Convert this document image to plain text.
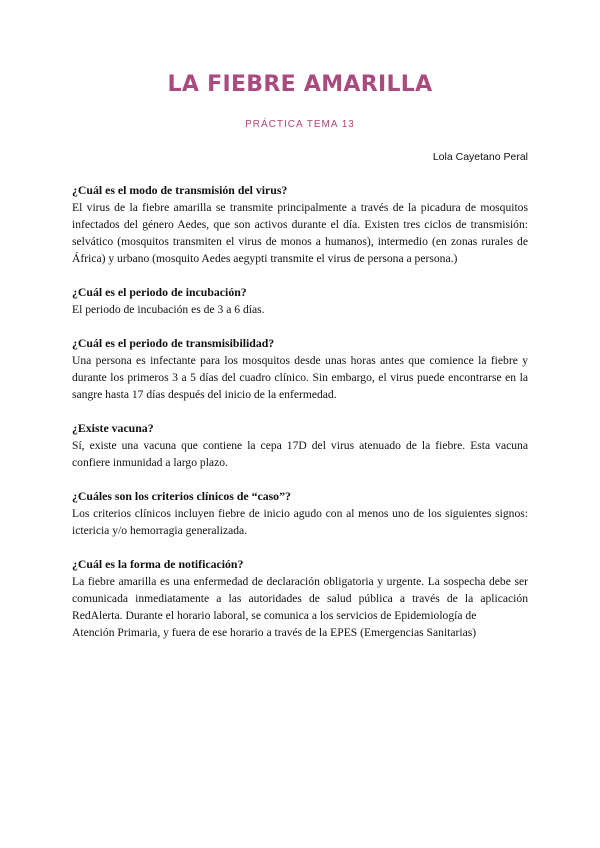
LA FIEBRE AMARILLA
PRÁCTICA TEMA 13
Lola Cayetano Peral

¿Cuál es el modo de transmisión del virus?

El virus de la fiebre amarilla se transmite principalmente a través de la picadura de mosquitos infectados del género Aedes, que son activos durante el día. Existen tres ciclos de transmisión: selvático (mosquitos transmiten el virus de monos a humanos), intermedio (en zonas rurales de África) y urbano (mosquito Aedes aegypti transmite el virus de persona a persona.)

¿Cuál es el periodo de incubación?

El periodo de incubación es de 3 a 6 días.

¿Cuál es el periodo de transmisibilidad?

Una persona es infectante para los mosquitos desde unas horas antes que comience la fiebre y durante los primeros 3 a 5 días del cuadro clínico. Sin embargo, el virus puede encontrarse en la sangre hasta 17 días después del inicio de la enfermedad.

¿Existe vacuna?

Sí, existe una vacuna que contiene la cepa 17D del virus atenuado de la fiebre. Esta vacuna confiere inmunidad a largo plazo.

¿Cuáles son los criterios clínicos de “caso”?

Los criterios clínicos incluyen fiebre de inicio agudo con al menos uno de los siguientes signos: ictericia y/o hemorragia generalizada.

¿Cuál es la forma de notificación?

La fiebre amarilla es una enfermedad de declaración obligatoria y urgente. La sospecha debe ser comunicada inmediatamente a las autoridades de salud pública a través de la aplicación RedAlerta. Durante el horario laboral, se comunica a los servicios de Epidemiología de

Atención Primaria, y fuera de ese horario a través de la EPES (Emergencias Sanitarias)
